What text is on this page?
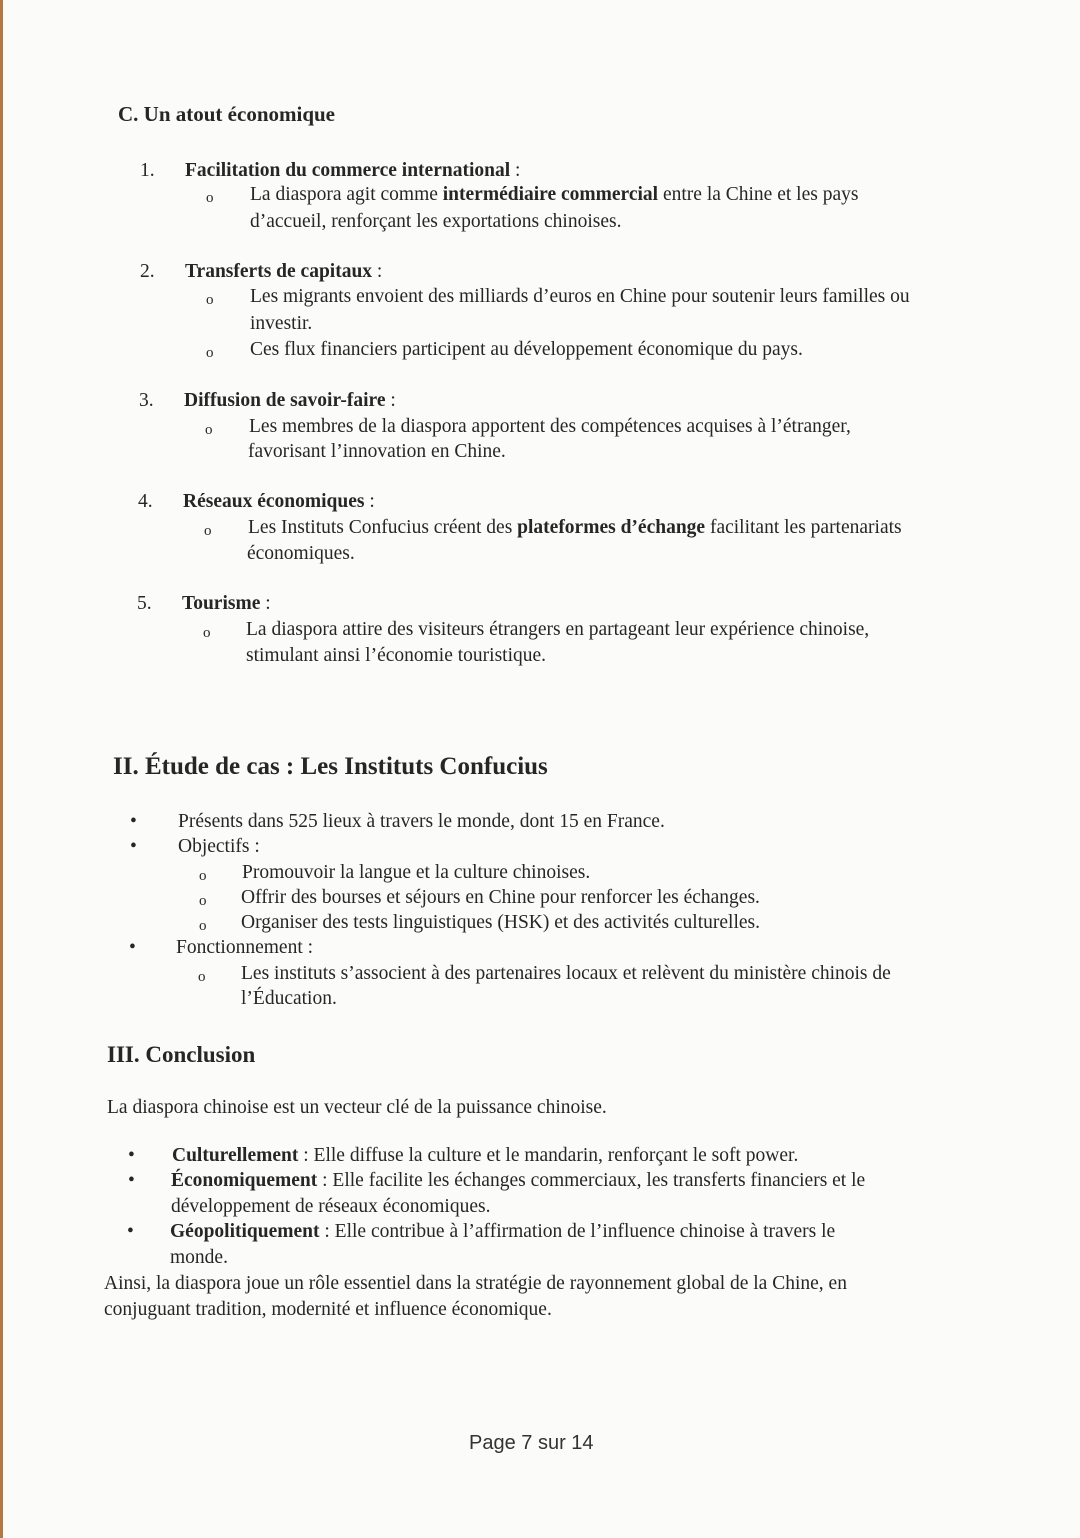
C. Un atout économique
1. Facilitation du commerce international :
o La diaspora agit comme intermédiaire commercial entre la Chine et les pays
d’accueil, renforçant les exportations chinoises.
2. Transferts de capitaux :
o Les migrants envoient des milliards d’euros en Chine pour soutenir leurs familles ou
investir.
o Ces flux financiers participent au développement économique du pays.
3. Diffusion de savoir-faire :
o Les membres de la diaspora apportent des compétences acquises à l’étranger,
favorisant l’innovation en Chine.
4. Réseaux économiques :
o Les Instituts Confucius créent des plateformes d’échange facilitant les partenariats
économiques.
5. Tourisme :
o La diaspora attire des visiteurs étrangers en partageant leur expérience chinoise,
stimulant ainsi l’économie touristique.
II. Étude de cas : Les Instituts Confucius
• Présents dans 525 lieux à travers le monde, dont 15 en France.
• Objectifs :
o Promouvoir la langue et la culture chinoises.
o Offrir des bourses et séjours en Chine pour renforcer les échanges.
o Organiser des tests linguistiques (HSK) et des activités culturelles.
• Fonctionnement :
o Les instituts s’associent à des partenaires locaux et relèvent du ministère chinois de
l’Éducation.
III. Conclusion
La diaspora chinoise est un vecteur clé de la puissance chinoise.
• Culturellement : Elle diffuse la culture et le mandarin, renforçant le soft power.
• Économiquement : Elle facilite les échanges commerciaux, les transferts financiers et le
développement de réseaux économiques.
• Géopolitiquement : Elle contribue à l’affirmation de l’influence chinoise à travers le
monde.
Ainsi, la diaspora joue un rôle essentiel dans la stratégie de rayonnement global de la Chine, en
conjuguant tradition, modernité et influence économique.
Page 7 sur 14
